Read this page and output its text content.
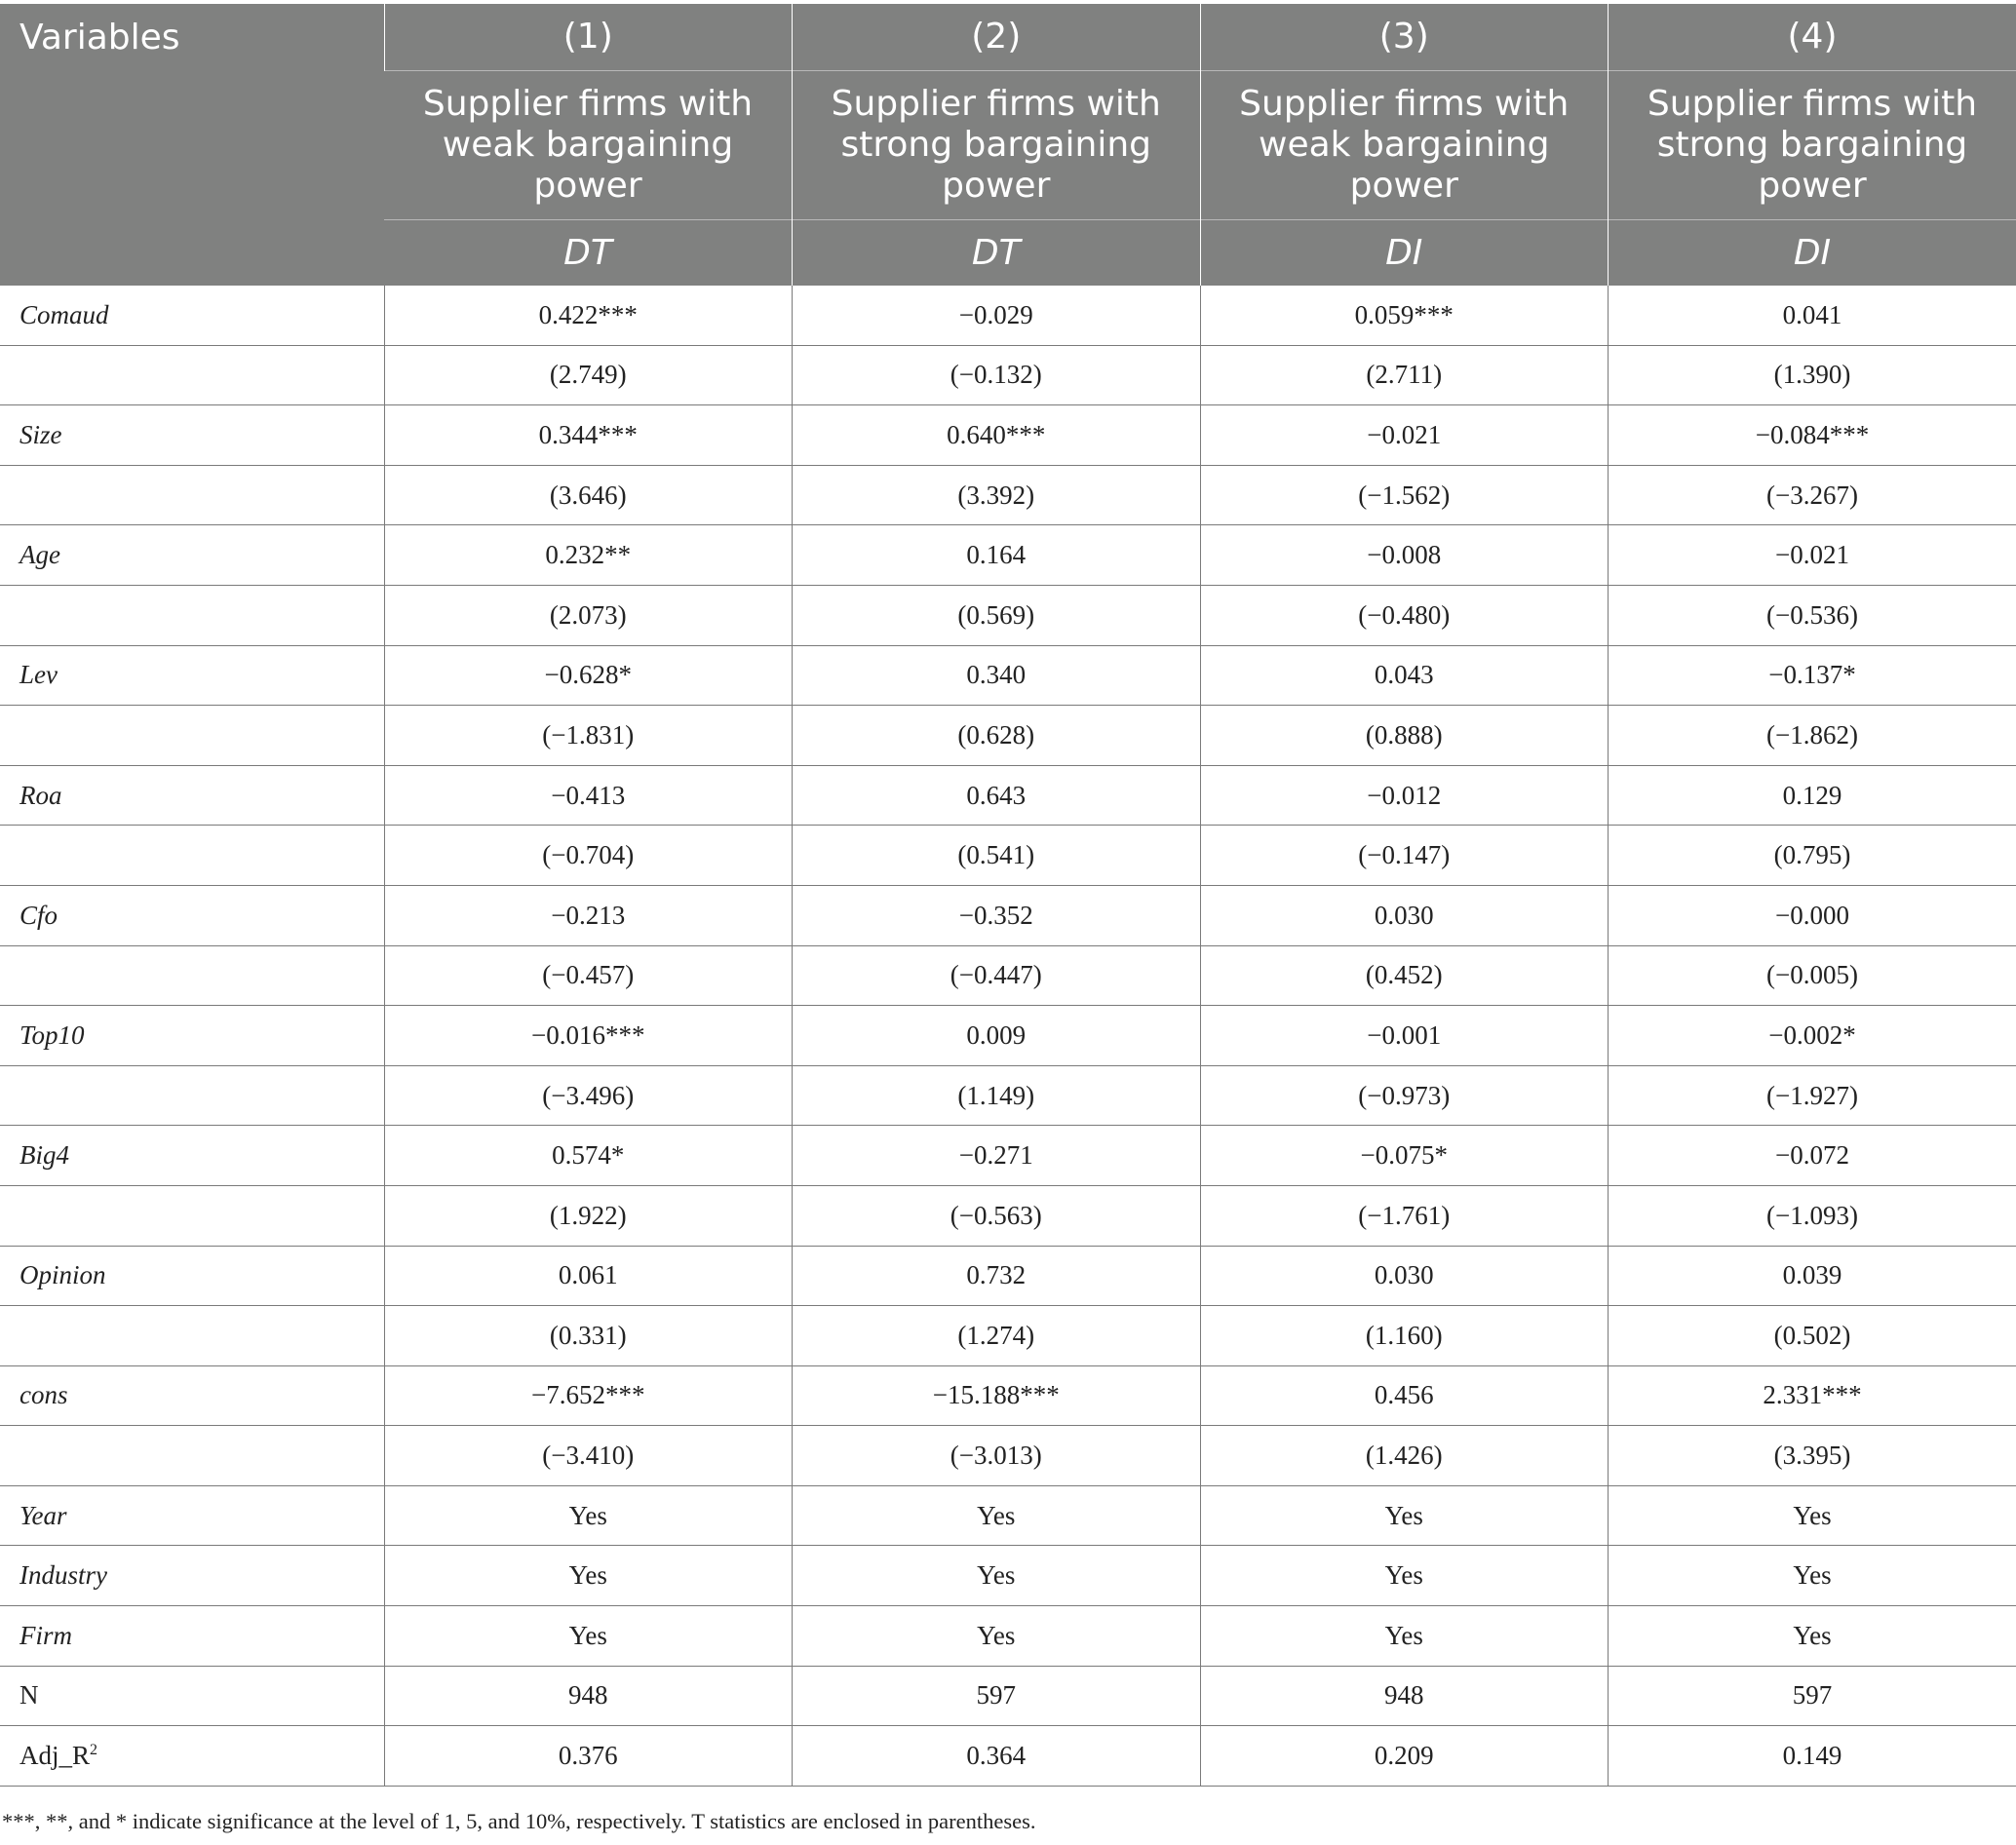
Variables	(1)	(2)	(3)	(4)
	Supplier firms with weak bargaining power	Supplier firms with strong bargaining power	Supplier firms with weak bargaining power	Supplier firms with strong bargaining power
	DT	DT	DI	DI
Comaud	0.422***	−0.029	0.059***	0.041
	(2.749)	(−0.132)	(2.711)	(1.390)
Size	0.344***	0.640***	−0.021	−0.084***
	(3.646)	(3.392)	(−1.562)	(−3.267)
Age	0.232**	0.164	−0.008	−0.021
	(2.073)	(0.569)	(−0.480)	(−0.536)
Lev	−0.628*	0.340	0.043	−0.137*
	(−1.831)	(0.628)	(0.888)	(−1.862)
Roa	−0.413	0.643	−0.012	0.129
	(−0.704)	(0.541)	(−0.147)	(0.795)
Cfo	−0.213	−0.352	0.030	−0.000
	(−0.457)	(−0.447)	(0.452)	(−0.005)
Top10	−0.016***	0.009	−0.001	−0.002*
	(−3.496)	(1.149)	(−0.973)	(−1.927)
Big4	0.574*	−0.271	−0.075*	−0.072
	(1.922)	(−0.563)	(−1.761)	(−1.093)
Opinion	0.061	0.732	0.030	0.039
	(0.331)	(1.274)	(1.160)	(0.502)
cons	−7.652***	−15.188***	0.456	2.331***
	(−3.410)	(−3.013)	(1.426)	(3.395)
Year	Yes	Yes	Yes	Yes
Industry	Yes	Yes	Yes	Yes
Firm	Yes	Yes	Yes	Yes
N	948	597	948	597
$Adj\_R^2$	0.376	0.364	0.209	0.149
***, **, and * indicate significance at the level of 1, 5, and 10%, respectively. T statistics are enclosed in parentheses.
